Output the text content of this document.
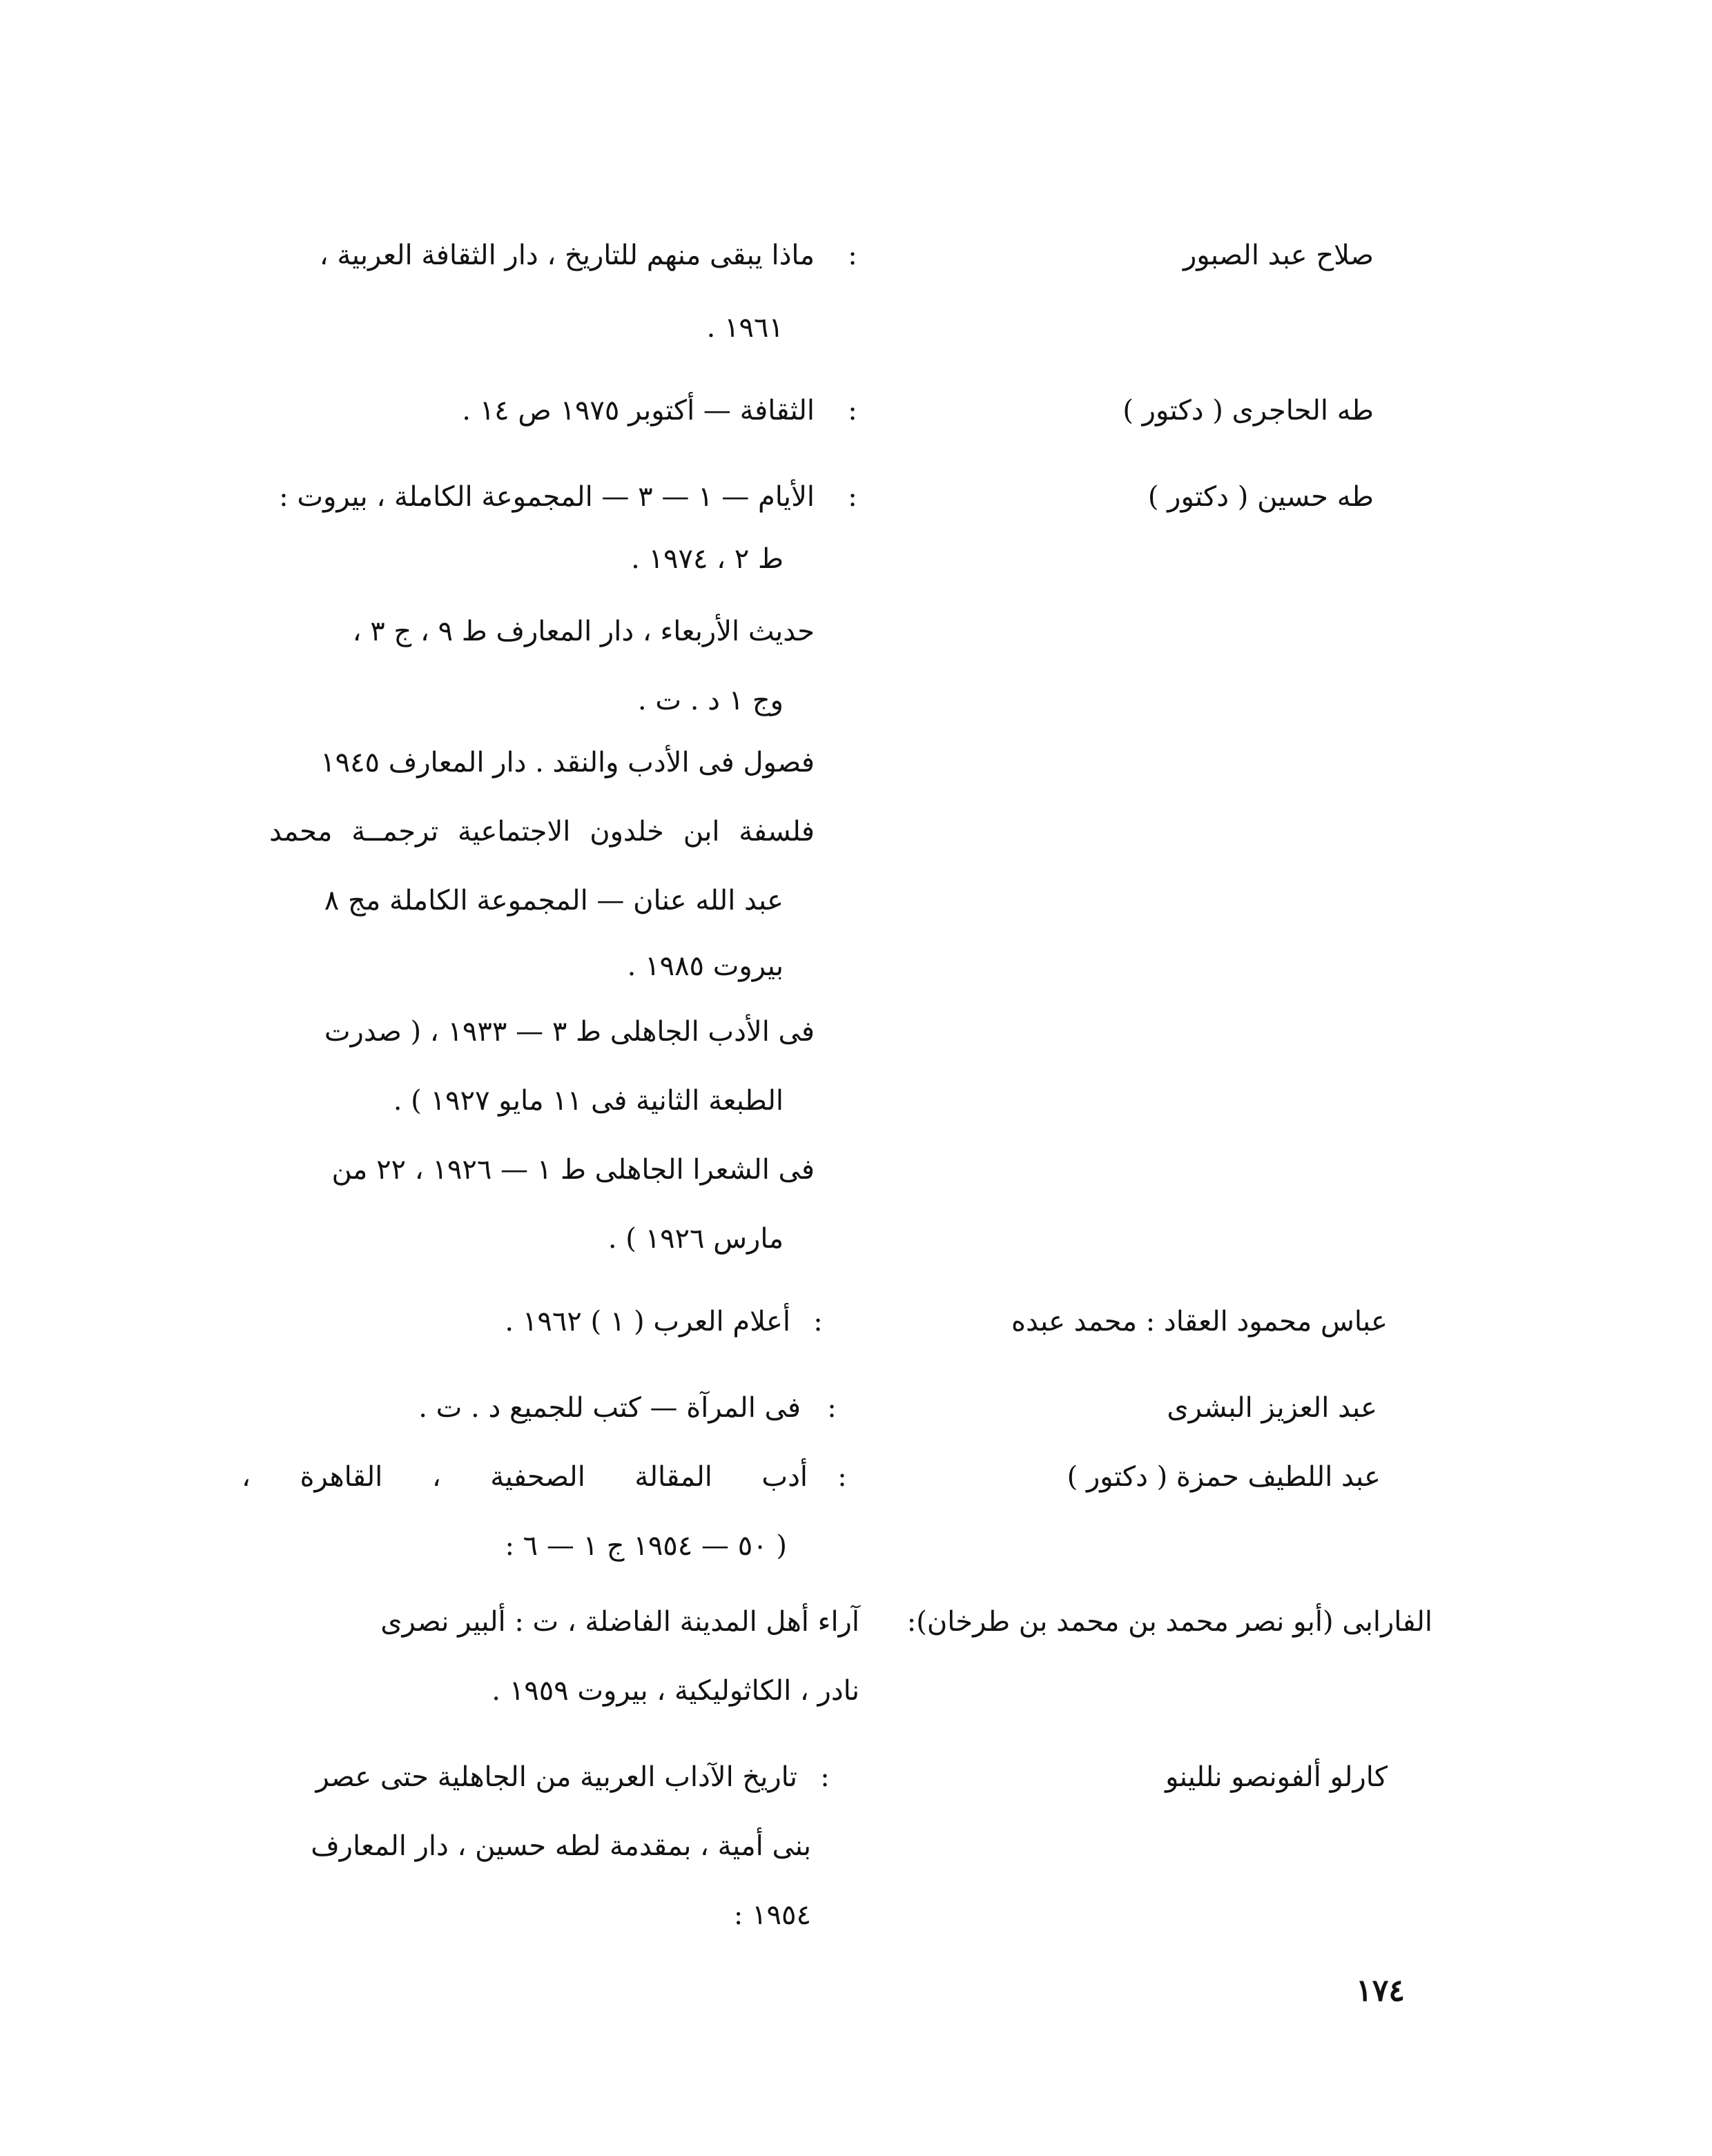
صلاح عبد الصبور
:
ماذا يبقى منهم للتاريخ ، دار الثقافة العربية ،
١٩٦١ .
طه الحاجرى ( دكتور )
:
الثقافة — أكتوبر ١٩٧٥ ص ١٤ .
طه حسين ( دكتور )
:
الأيام — ١ — ٣ — المجموعة الكاملة ، بيروت :
ط ٢ ، ١٩٧٤ .
حديث الأربعاء ، دار المعارف ط ٩ ، ج ٣ ،
وج ١ د . ت .
فصول فى الأدب والنقد . دار المعارف ١٩٤٥
فلسفة ابن خلدون الاجتماعية ترجمــة محمد
عبد الله عنان — المجموعة الكاملة مج ٨
بيروت ١٩٨٥ .
فى الأدب الجاهلى ط ٣ — ١٩٣٣ ، ( صدرت
الطبعة الثانية فى ١١ مايو ١٩٢٧ ) .
فى الشعرا الجاهلى ط ١ — ١٩٢٦ ، ٢٢ من
مارس ١٩٢٦ ) .
عباس محمود العقاد : محمد عبده
:
أعلام العرب ( ١ ) ١٩٦٢ .
عبد العزيز البشرى
:
فى المرآة — كتب للجميع د . ت .
عبد اللطيف حمزة ( دكتور )
:
أدب المقالة الصحفية ، القاهرة ،
( ٥٠ — ١٩٥٤ ج ١ — ٦ :
الفارابى (أبو نصر محمد بن محمد بن طرخان):
آراء أهل المدينة الفاضلة ، ت : ألبير نصرى
نادر ، الكاثوليكية ، بيروت ١٩٥٩ .
كارلو ألفونصو نللينو
:
تاريخ الآداب العربية من الجاهلية حتى عصر
بنى أمية ، بمقدمة لطه حسين ، دار المعارف
١٩٥٤ :
١٧٤
